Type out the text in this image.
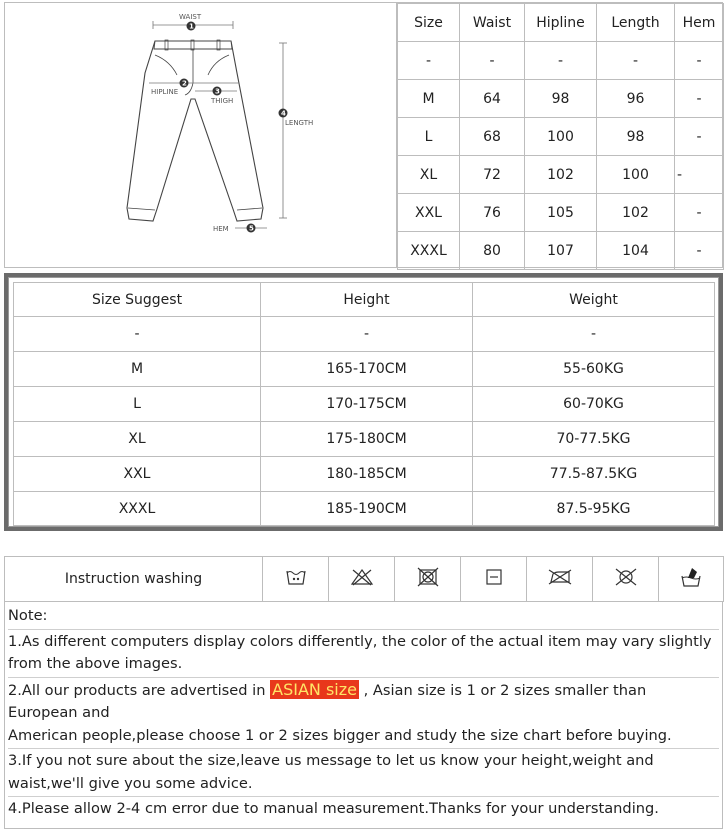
WAIST
1
2
HIPLINE	3
THIGH
4
LENGTH
5
HEM
Size	Waist	Hipline	Length	Hem
-	-	-	-	-
M	64	98	96	-
L	68	100	98	-
XL	72	102	100	-
XXL	76	105	102	-
XXXL	80	107	104	-
Size Suggest	Height	Weight
-	-	-
M	165-170CM	55-60KG
L	170-175CM	60-70KG
XL	175-180CM	70-77.5KG
XXL	180-185CM	77.5-87.5KG
XXXL	185-190CM	87.5-95KG
Instruction washing							

Note:

1.As different computers display colors differently, the color of the actual item may vary slightly from the above images.

2.All our products are advertised in ASIAN size , Asian size is 1 or 2 sizes smaller than European and

American people,please choose 1 or 2 sizes bigger and study the size chart before buying.

3.If you not sure about the size,leave us message to let us know your height,weight and waist,we'll give you some advice.

4.Please allow 2-4 cm error due to manual measurement.Thanks for your understanding.
